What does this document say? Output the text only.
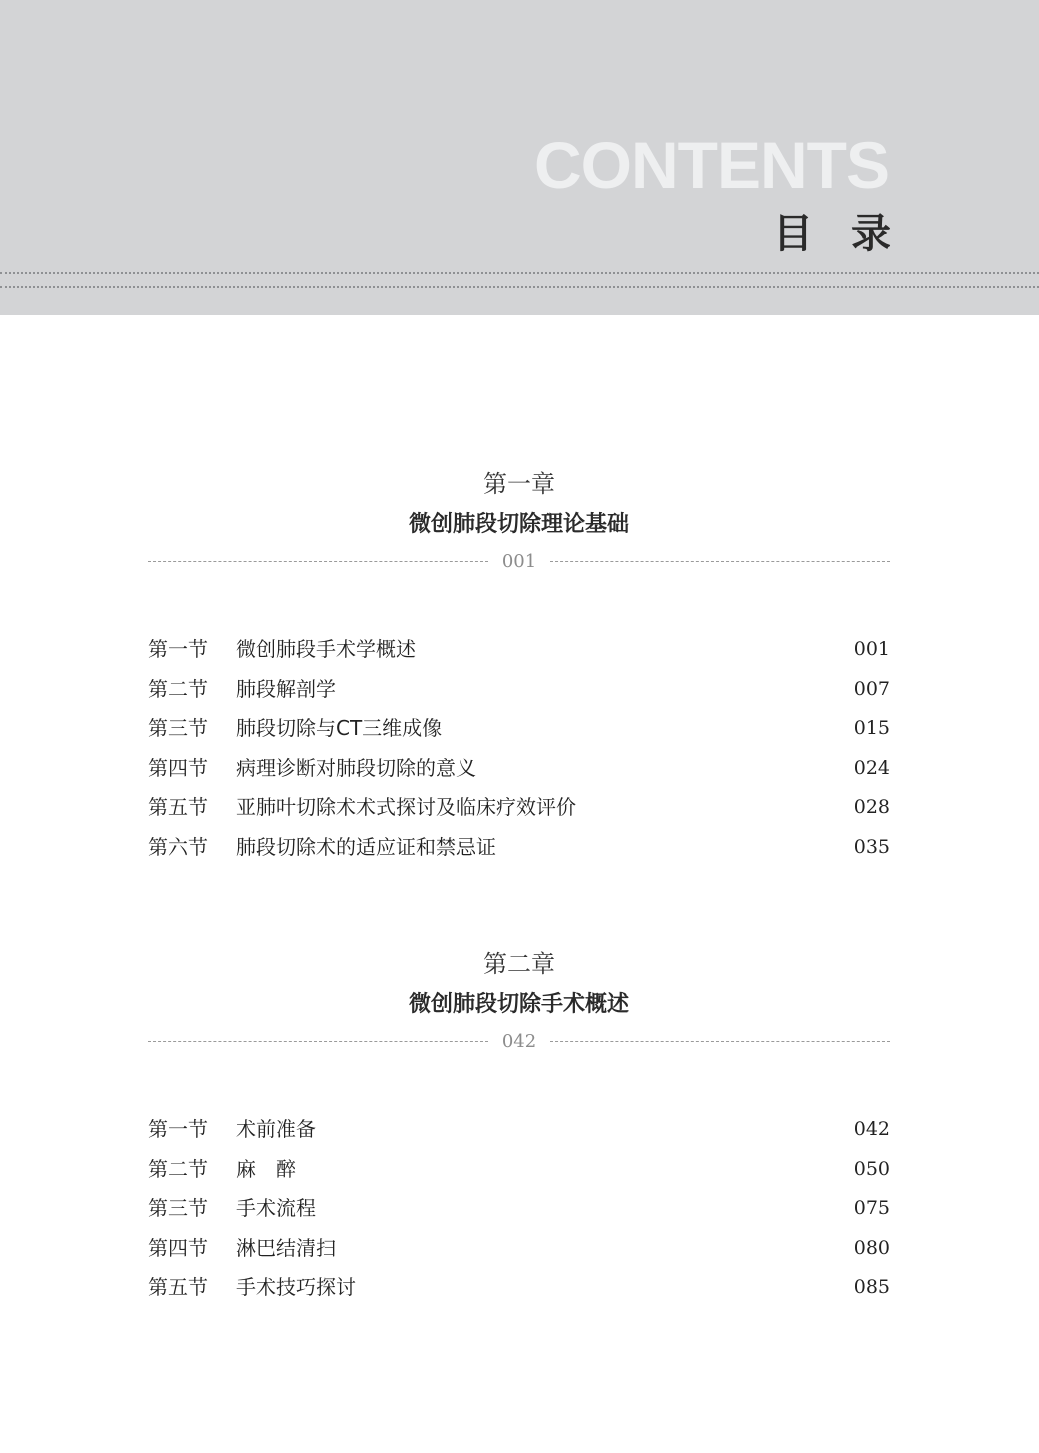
CONTENTS
目录
第一章
微创肺段切除理论基础
001
第一节 微创肺段手术学概述	001
第二节 肺段解剖学	007
第三节 肺段切除与CT三维成像	015
第四节 病理诊断对肺段切除的意义	024
第五节 亚肺叶切除术术式探讨及临床疗效评价	028
第六节 肺段切除术的适应证和禁忌证	035
第二章
微创肺段切除手术概述
042
第一节 术前准备	042
第二节 麻　醉	050
第三节 手术流程	075
第四节 淋巴结清扫	080
第五节 手术技巧探讨	085
